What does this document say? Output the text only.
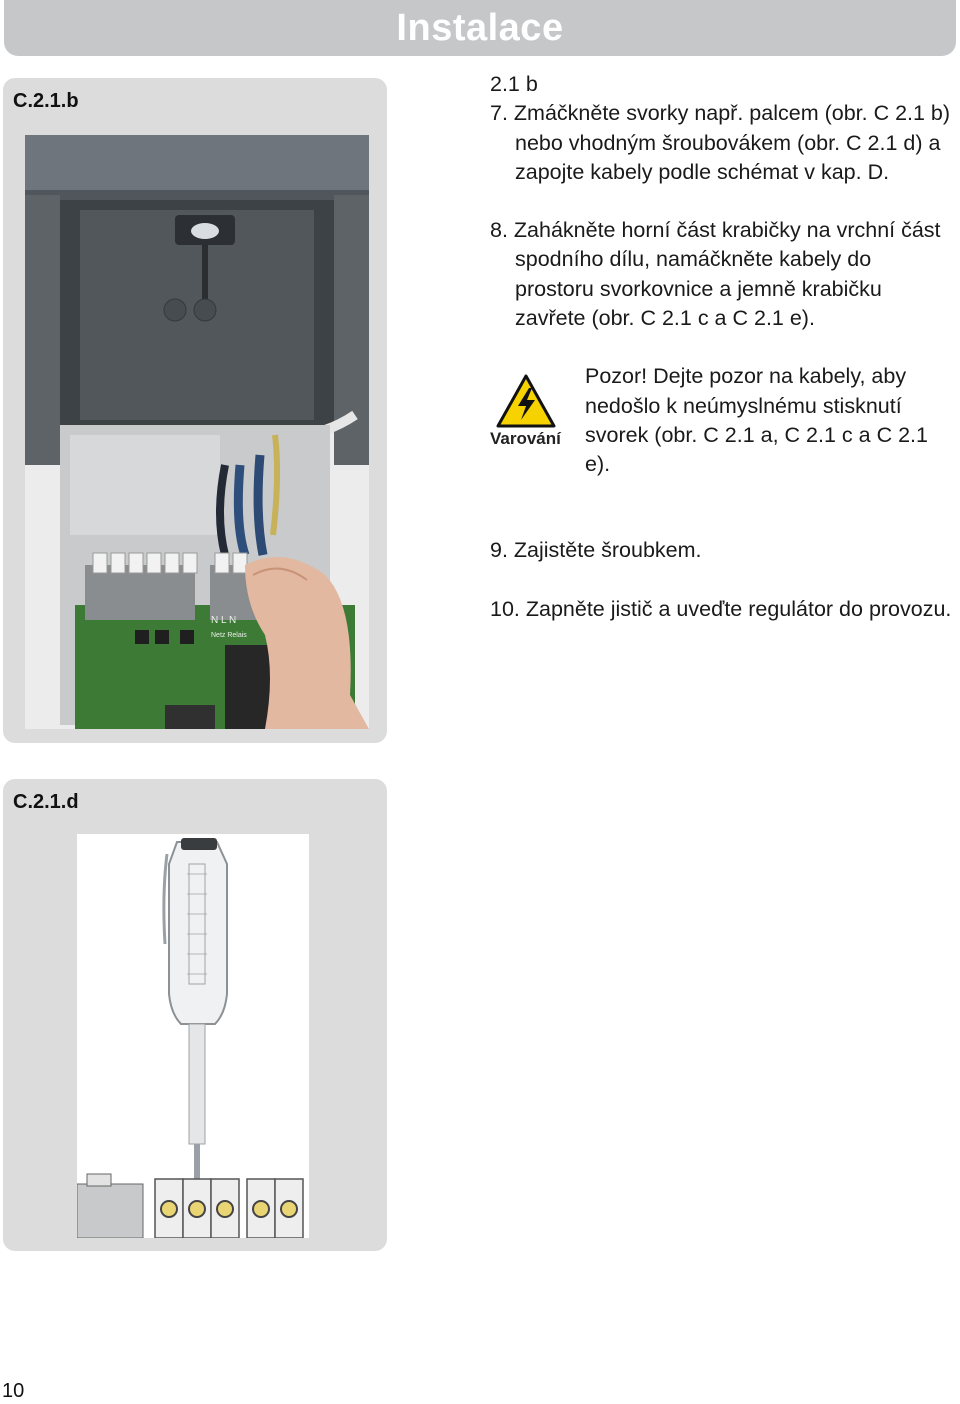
Instalace
C.2.1.b
N L N
Netz Relais
C.2.1.d

2.1 b

7. Zmáčkněte svorky např. palcem (obr. C 2.1 b) nebo vhodným šroubovákem (obr. C 2.1 d) a zapojte kabely podle schémat v kap. D.

8. Zahákněte horní část krabičky na vrchní část spodního dílu, namáčkněte kabely do prostoru svorkovnice a jemně krabičku zavřete (obr. C 2.1 c a C 2.1 e).

Varování

Pozor! Dejte pozor na kabely, aby nedošlo k neúmyslnému stisknutí svorek (obr. C 2.1 a, C 2.1 c a C 2.1 e).

9. Zajistěte šroubkem.

10. Zapněte jistič a uveďte regulátor do provozu.

10
